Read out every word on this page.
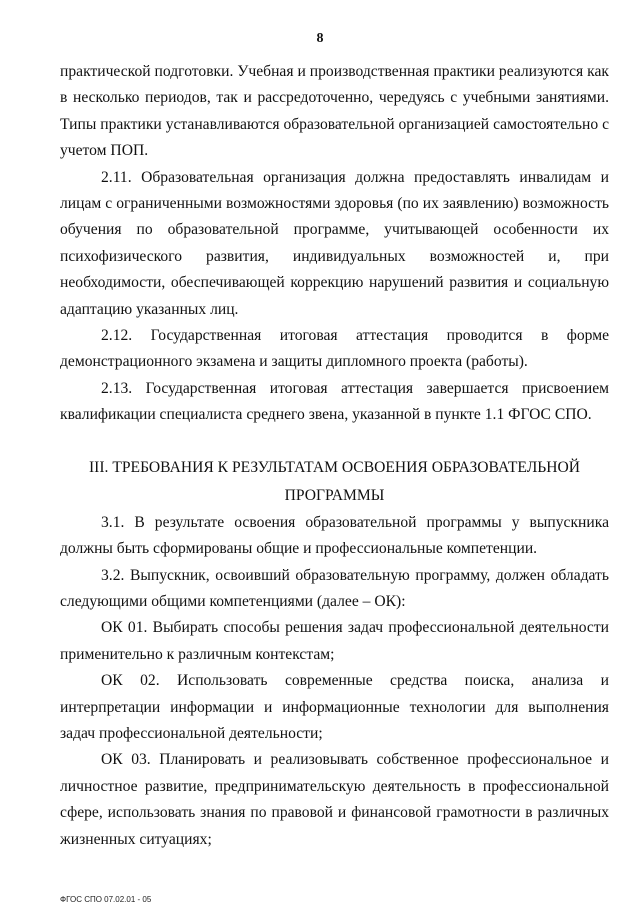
8

практической подготовки. Учебная и производственная практики реализуются как в несколько периодов, так и рассредоточенно, чередуясь с учебными занятиями. Типы практики устанавливаются образовательной организацией самостоятельно с учетом ПОП.

2.11. Образовательная организация должна предоставлять инвалидам и лицам с ограниченными возможностями здоровья (по их заявлению) возможность обучения по образовательной программе, учитывающей особенности их психофизического развития, индивидуальных возможностей и, при необходимости, обеспечивающей коррекцию нарушений развития и социальную адаптацию указанных лиц.

2.12. Государственная итоговая аттестация проводится в форме демонстрационного экзамена и защиты дипломного проекта (работы).

2.13. Государственная итоговая аттестация завершается присвоением квалификации специалиста среднего звена, указанной в пункте 1.1 ФГОС СПО.

III. ТРЕБОВАНИЯ К РЕЗУЛЬТАТАМ ОСВОЕНИЯ ОБРАЗОВАТЕЛЬНОЙ ПРОГРАММЫ

3.1. В результате освоения образовательной программы у выпускника должны быть сформированы общие и профессиональные компетенции.

3.2. Выпускник, освоивший образовательную программу, должен обладать следующими общими компетенциями (далее – ОК):

ОК 01. Выбирать способы решения задач профессиональной деятельности применительно к различным контекстам;

ОК 02. Использовать современные средства поиска, анализа и интерпретации информации и информационные технологии для выполнения задач профессиональной деятельности;

ОК 03. Планировать и реализовывать собственное профессиональное и личностное развитие, предпринимательскую деятельность в профессиональной сфере, использовать знания по правовой и финансовой грамотности в различных жизненных ситуациях;

ФГОС СПО 07.02.01 - 05
